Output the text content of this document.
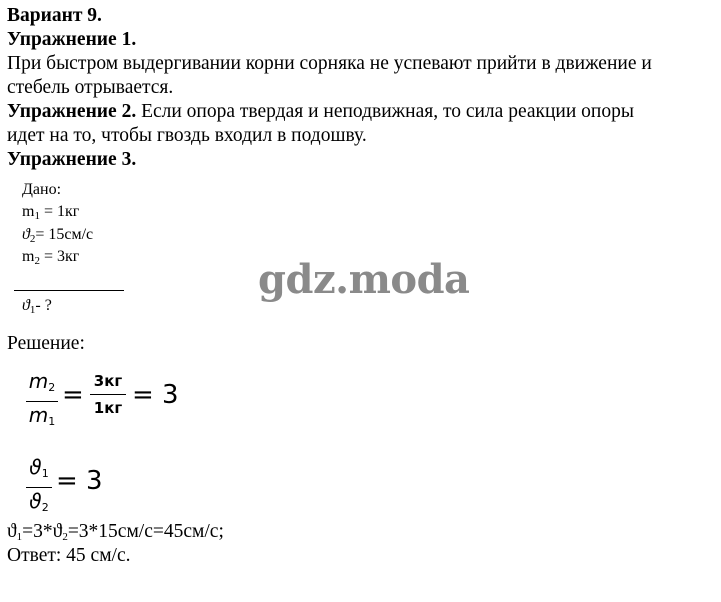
Вариант 9.
Упражнение 1.
При быстром выдергивании корни сорняка не успевают прийти в движение и
стебель отрывается.
Упражнение 2. Если опора твердая и неподвижная, то сила реакции опоры
идет на то, чтобы гвоздь входил в подошву.
Упражнение 3.
Дано:
$m_1 = 1кг$
$ϑ_2= 15см/с$
$m_2 = 3кг$
$ϑ_1-$ ?
gdz.moda
Решение:
$m_2$
$m_1$
= 3кг
1кг = 3
$ϑ_1$
$ϑ_2$
= 3
$ϑ_1=3*ϑ_2=3*15см/с=45см/с$;
Ответ: 45 см/с.
